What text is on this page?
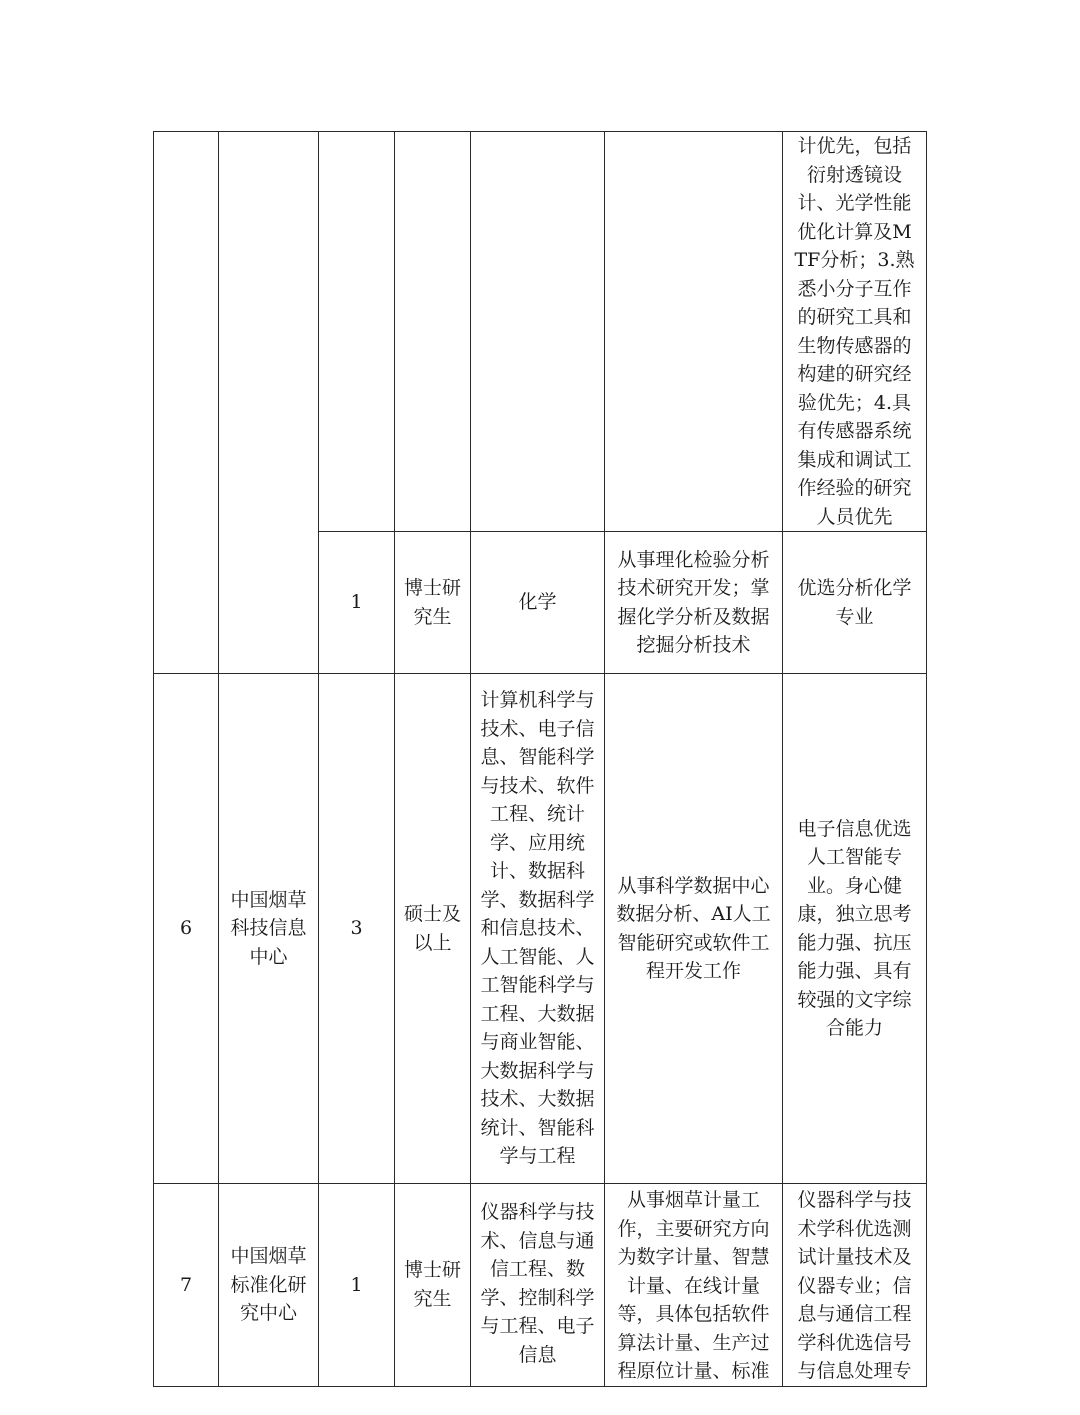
						计优先，包括衍射透镜设计、光学性能优化计算及MTF分析；3.熟悉小分子互作的研究工具和生物传感器的构建的研究经验优先；4.具有传感器系统集成和调试工作经验的研究人员优先
		1	博士研究生	化学	从事理化检验分析技术研究开发；掌握化学分析及数据挖掘分析技术	优选分析化学专业
6	中国烟草科技信息中心	3	硕士及以上	计算机科学与技术、电子信息、智能科学与技术、软件工程、统计学、应用统计、数据科学、数据科学和信息技术、人工智能、人工智能科学与工程、大数据与商业智能、大数据科学与技术、大数据统计、智能科学与工程	从事科学数据中心数据分析、AI人工智能研究或软件工程开发工作	电子信息优选人工智能专业。身心健康，独立思考能力强、抗压能力强、具有较强的文字综合能力
7	中国烟草标准化研究中心	1	博士研究生	仪器科学与技术、信息与通信工程、数学、控制科学与工程、电子信息	从事烟草计量工作，主要研究方向为数字计量、智慧计量、在线计量等，具体包括软件算法计量、生产过程原位计量、标准	仪器科学与技术学科优选测试计量技术及仪器专业；信息与通信工程学科优选信号与信息处理专
